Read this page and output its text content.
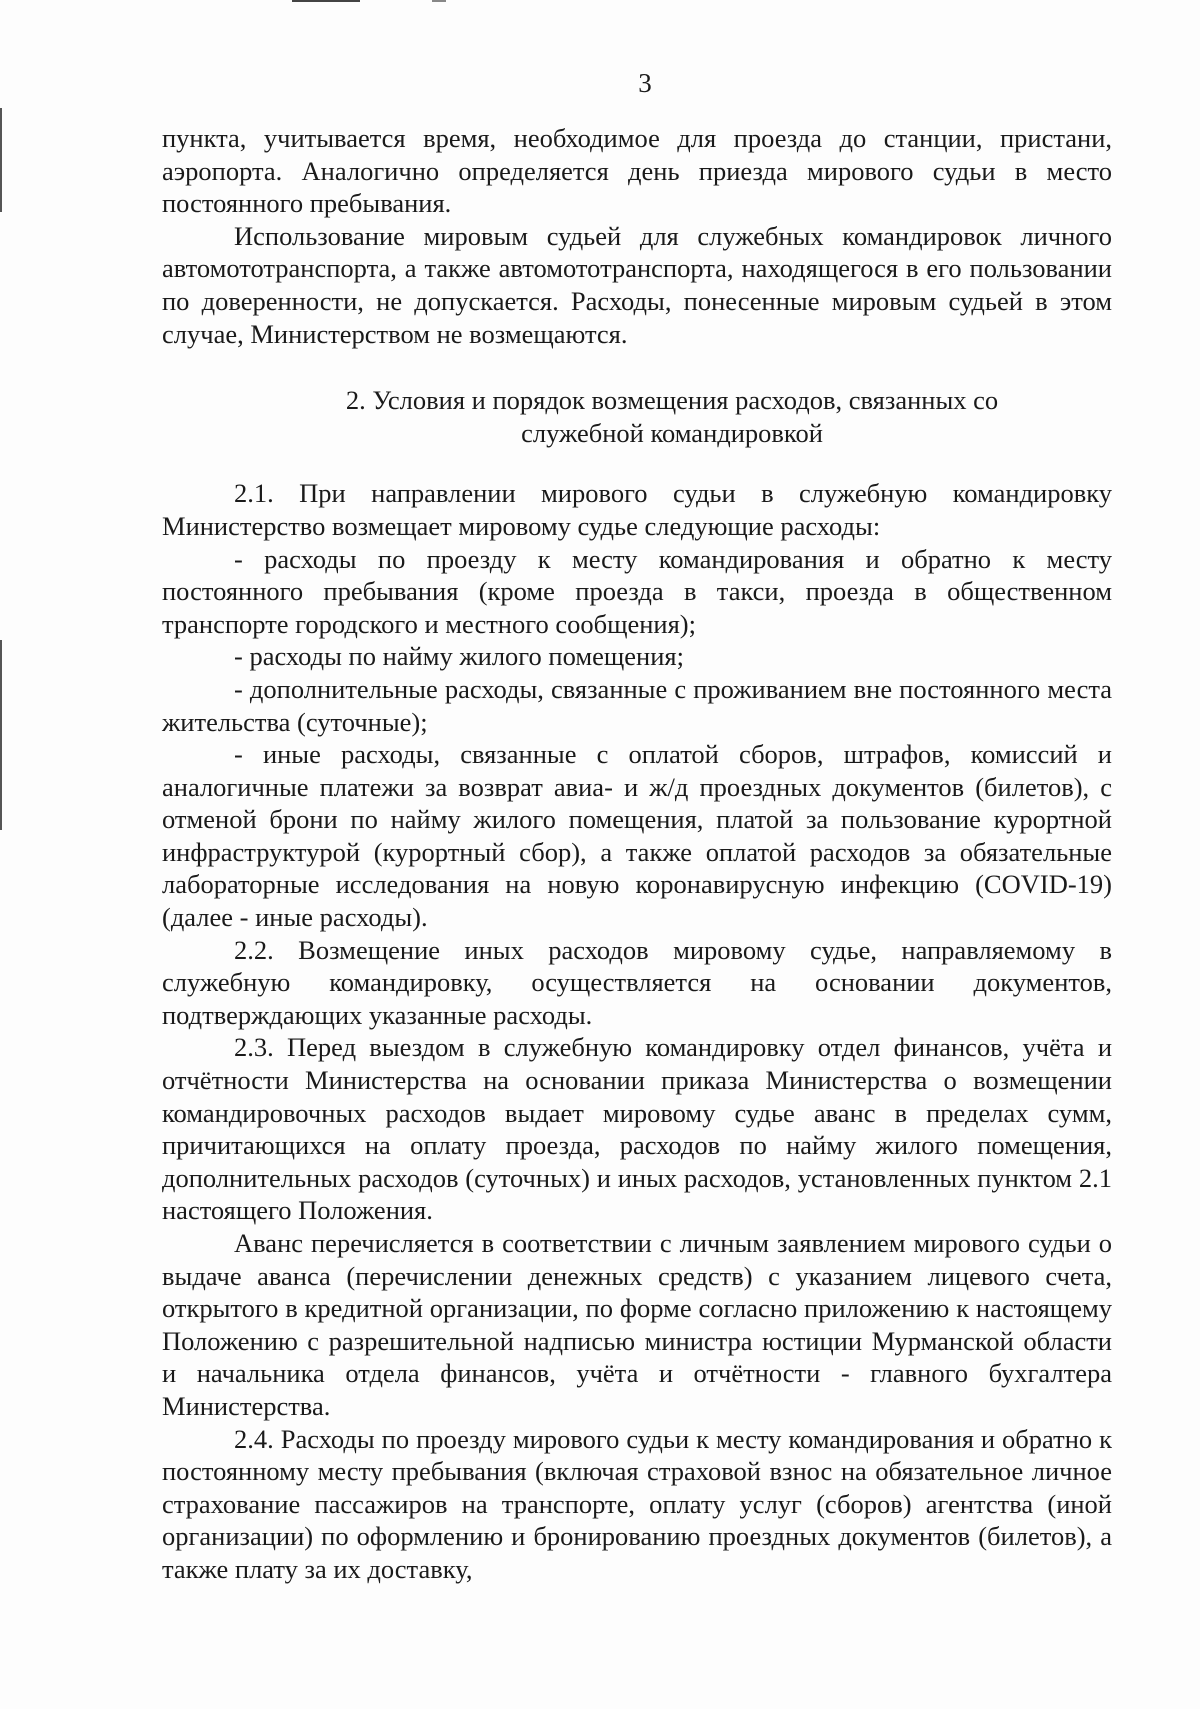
3

пункта, учитывается время, необходимое для проезда до станции, пристани, аэропорта. Аналогично определяется день приезда мирового судьи в место постоянного пребывания.

Использование мировым судьей для служебных командировок личного автомототранспорта, а также автомототранспорта, находящегося в его пользовании по доверенности, не допускается. Расходы, понесенные мировым судьей в этом случае, Министерством не возмещаются.

2. Условия и порядок возмещения расходов, связанных со
служебной командировкой

2.1. При направлении мирового судьи в служебную командировку Министерство возмещает мировому судье следующие расходы:

- расходы по проезду к месту командирования и обратно к месту постоянного пребывания (кроме проезда в такси, проезда в общественном транспорте городского и местного сообщения);

- расходы по найму жилого помещения;

- дополнительные расходы, связанные с проживанием вне постоянного места жительства (суточные);

- иные расходы, связанные с оплатой сборов, штрафов, комиссий и аналогичные платежи за возврат авиа- и ж/д проездных документов (билетов), с отменой брони по найму жилого помещения, платой за пользование курортной инфраструктурой (курортный сбор), а также оплатой расходов за обязательные лабораторные исследования на новую коронавирусную инфекцию (COVID-19) (далее - иные расходы).

2.2. Возмещение иных расходов мировому судье, направляемому в служебную командировку, осуществляется на основании документов, подтверждающих указанные расходы.

2.3. Перед выездом в служебную командировку отдел финансов, учёта и отчётности Министерства на основании приказа Министерства о возмещении командировочных расходов выдает мировому судье аванс в пределах сумм, причитающихся на оплату проезда, расходов по найму жилого помещения, дополнительных расходов (суточных) и иных расходов, установленных пунктом 2.1 настоящего Положения.

Аванс перечисляется в соответствии с личным заявлением мирового судьи о выдаче аванса (перечислении денежных средств) с указанием лицевого счета, открытого в кредитной организации, по форме согласно приложению к настоящему Положению с разрешительной надписью министра юстиции Мурманской области и начальника отдела финансов, учёта и отчётности - главного бухгалтера Министерства.

2.4. Расходы по проезду мирового судьи к месту командирования и обратно к постоянному месту пребывания (включая страховой взнос на обязательное личное страхование пассажиров на транспорте, оплату услуг (сборов) агентства (иной организации) по оформлению и бронированию проездных документов (билетов), а также плату за их доставку,
